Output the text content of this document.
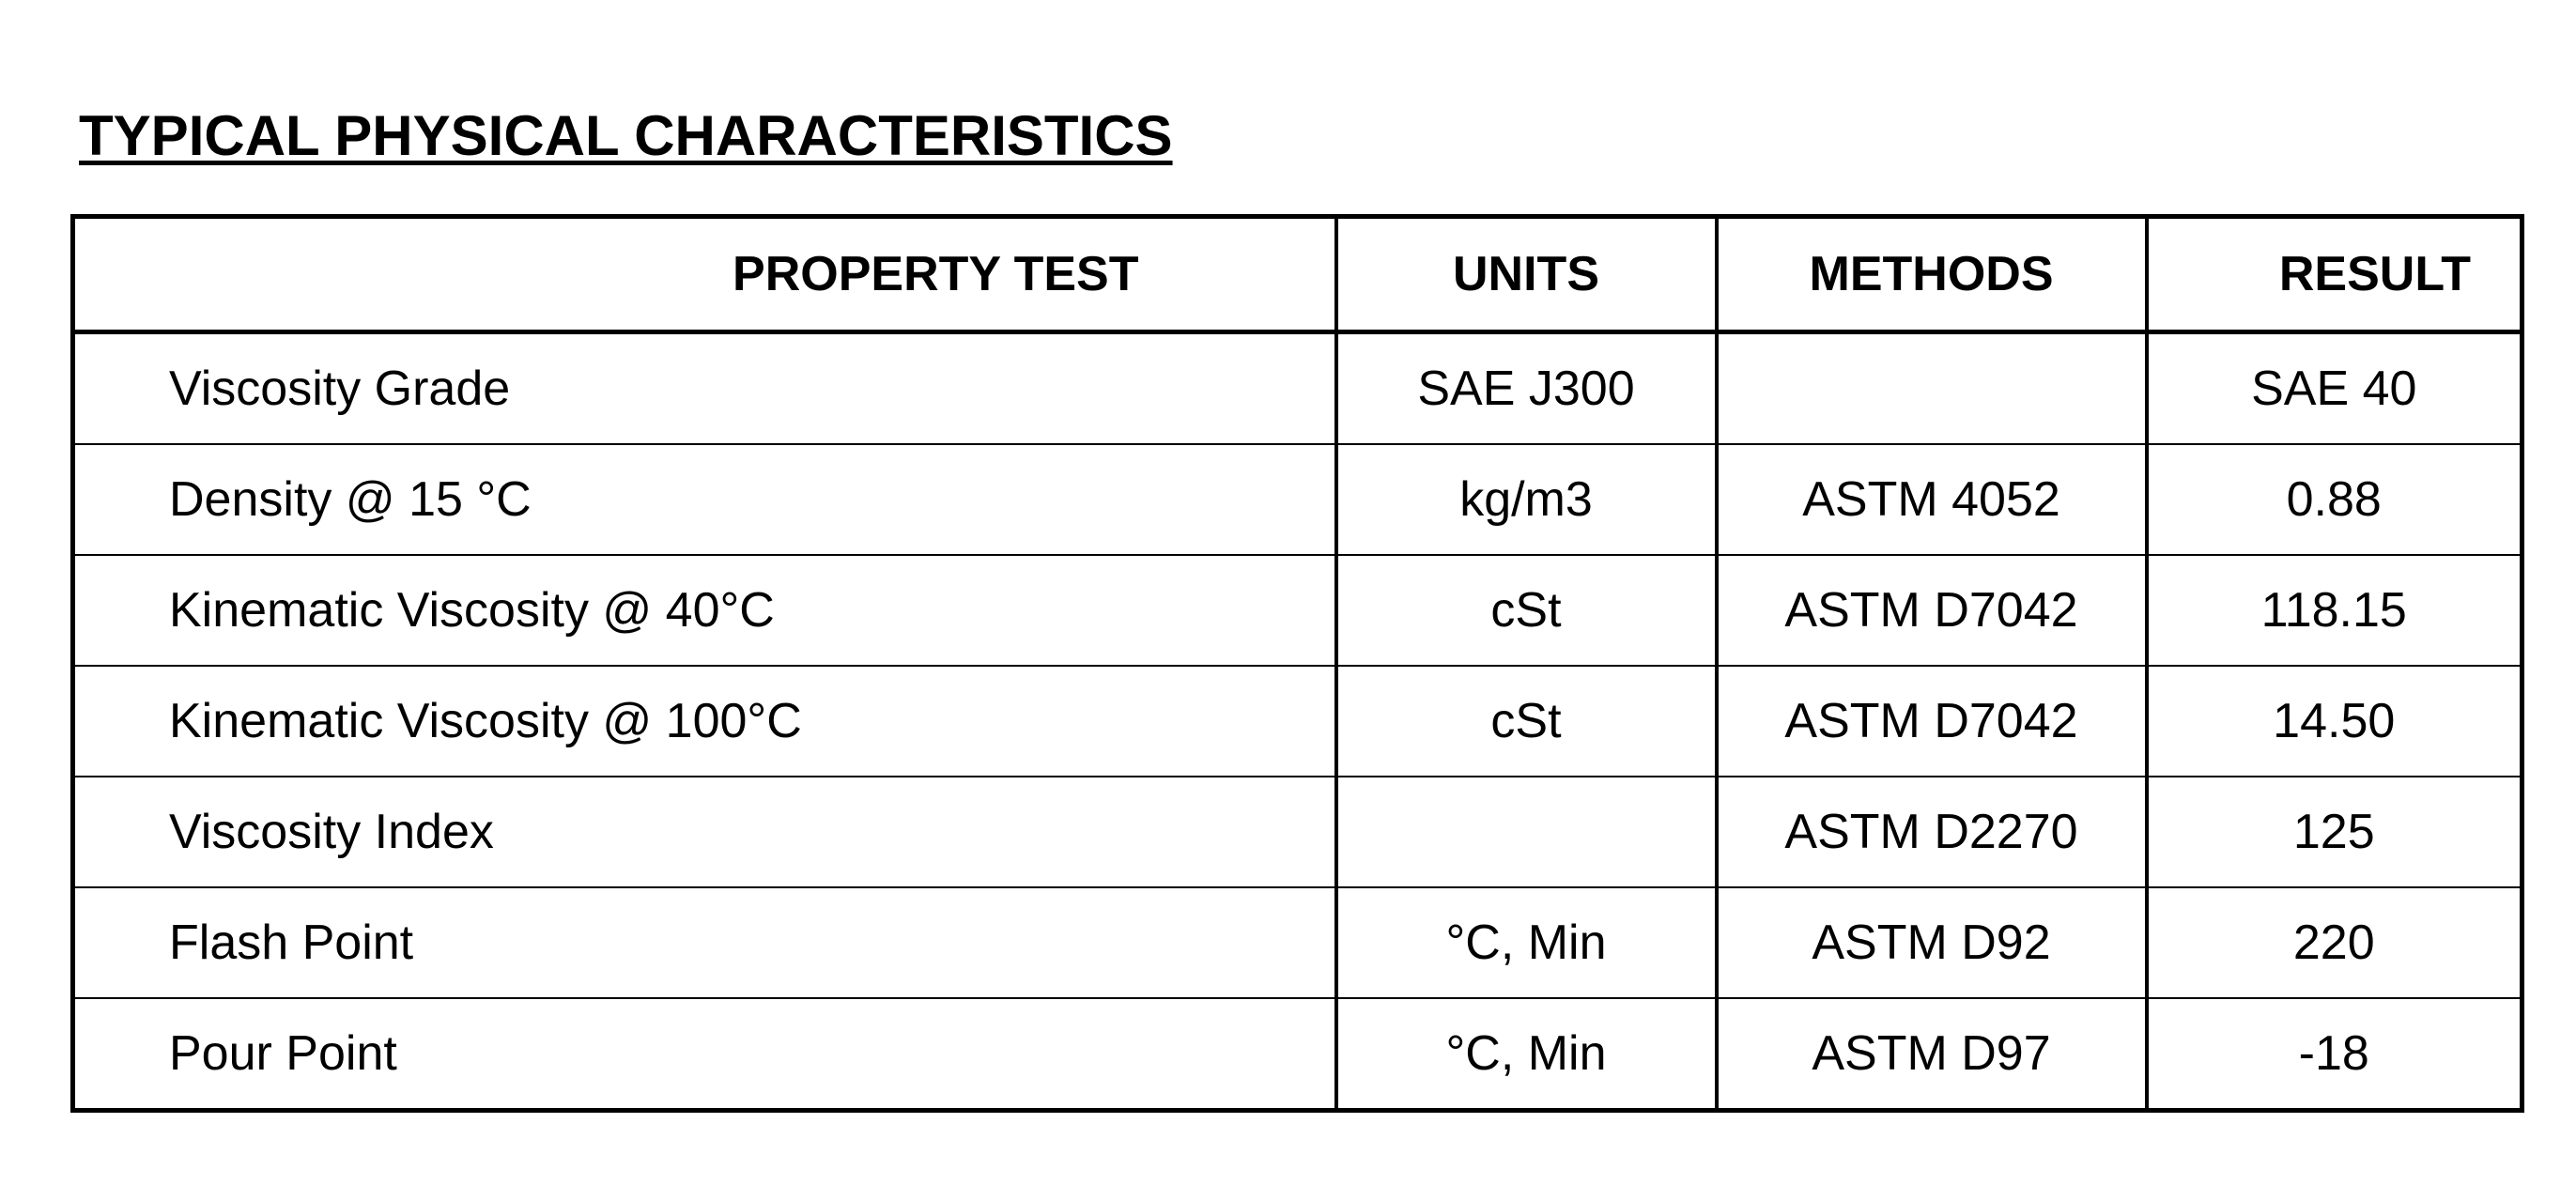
TYPICAL PHYSICAL CHARACTERISTICS
PROPERTY TEST	UNITS	METHODS	RESULT
Viscosity Grade	SAE J300		SAE 40
Density @ 15 °C	kg/m3	ASTM 4052	0.88
Kinematic Viscosity @ 40°C	cSt	ASTM D7042	118.15
Kinematic Viscosity @ 100°C	cSt	ASTM D7042	14.50
Viscosity Index		ASTM D2270	125
Flash Point	°C, Min	ASTM D92	220
Pour Point	°C, Min	ASTM D97	-18
